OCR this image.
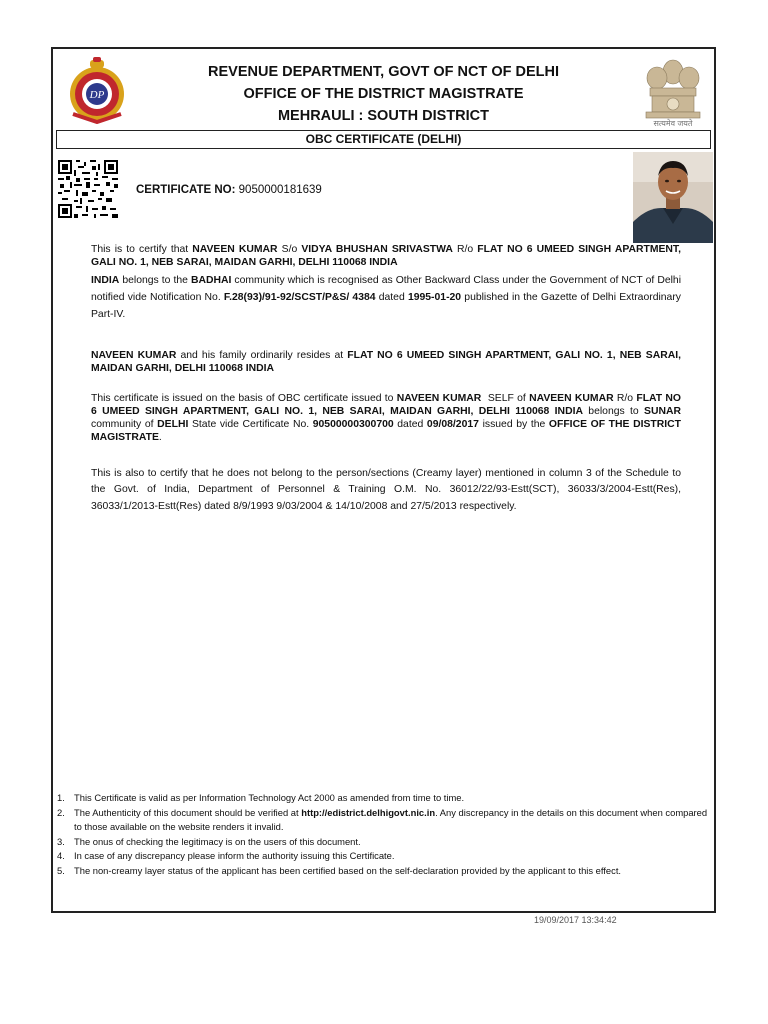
DP
REVENUE DEPARTMENT, GOVT OF NCT OF DELHI
OFFICE OF THE DISTRICT MAGISTRATE
MEHRAULI : SOUTH DISTRICT	सत्यमेव जयते
OBC CERTIFICATE (DELHI)
CERTIFICATE NO: 9050000181639
This is to certify that NAVEEN KUMAR S/o VIDYA BHUSHAN SRIVASTWA R/o FLAT NO 6 UMEED SINGH APARTMENT, GALI NO. 1, NEB SARAI, MAIDAN GARHI, DELHI 110068 INDIA
INDIA belongs to the BADHAI community which is recognised as Other Backward Class under the Government of NCT of Delhi notified vide Notification No. F.28(93)/91-92/SCST/P&S/ 4384 dated 1995-01-20 published in the Gazette of Delhi Extraordinary Part-IV.
NAVEEN KUMAR and his family ordinarily resides at FLAT NO 6 UMEED SINGH APARTMENT, GALI NO. 1, NEB SARAI, MAIDAN GARHI, DELHI 110068 INDIA
This certificate is issued on the basis of OBC certificate issued to NAVEEN KUMAR  SELF of NAVEEN KUMAR R/o FLAT NO 6 UMEED SINGH APARTMENT, GALI NO. 1, NEB SARAI, MAIDAN GARHI, DELHI 110068 INDIA belongs to SUNAR community of DELHI State vide Certificate No. 90500000300700 dated 09/08/2017 issued by the OFFICE OF THE DISTRICT MAGISTRATE.
This is also to certify that he does not belong to the person/sections (Creamy layer) mentioned in column 3 of the Schedule to the Govt. of India, Department of Personnel & Training O.M. No. 36012/22/93-Estt(SCT), 36033/3/2004-Estt(Res), 36033/1/2013-Estt(Res) dated 8/9/1993 9/03/2004 & 14/10/2008 and 27/5/2013 respectively.
1. This Certificate is valid as per Information Technology Act 2000 as amended from time to time.
2. The Authenticity of this document should be verified at http://edistrict.delhigovt.nic.in. Any discrepancy in the details on this document when compared to those available on the website renders it invalid.
3. The onus of checking the legitimacy is on the users of this document.
4. In case of any discrepancy please inform the authority issuing this Certificate.
5. The non-creamy layer status of the applicant has been certified based on the self-declaration provided by the applicant to this effect.
19/09/2017 13:34:42
